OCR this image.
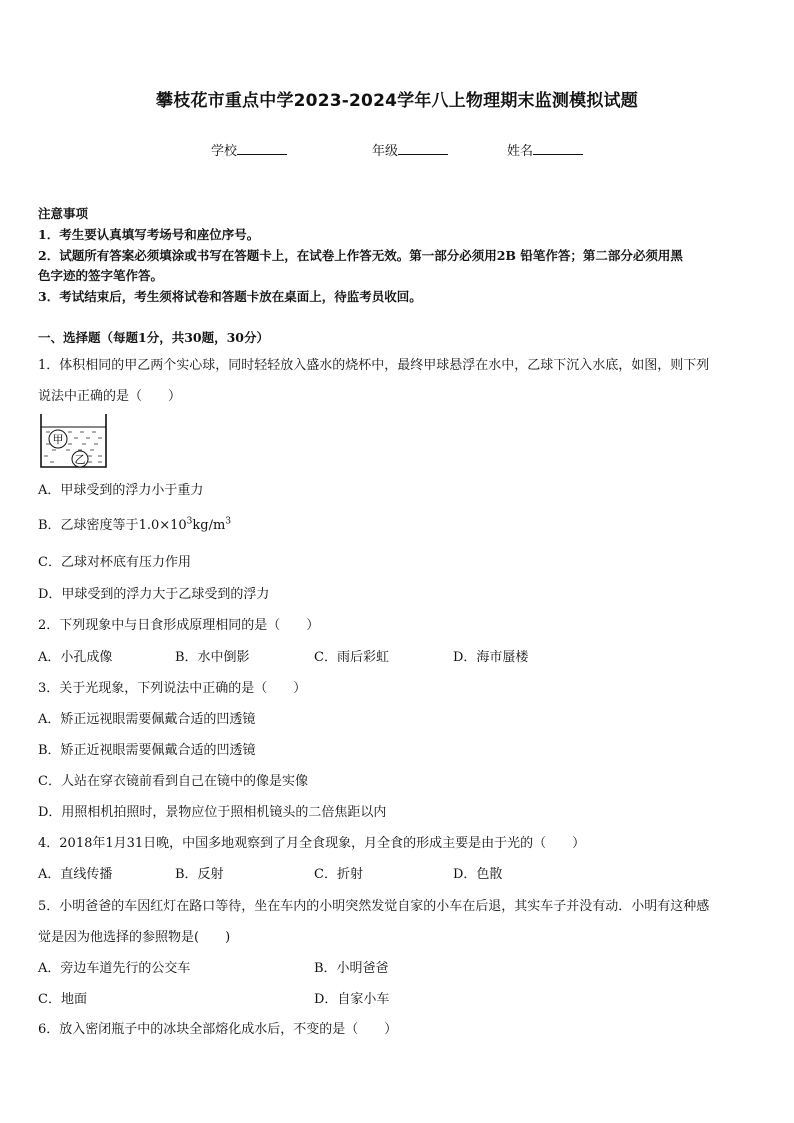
攀枝花市重点中学2023-2024学年八上物理期末监测模拟试题
学校	年级	姓名
注意事项
1．考生要认真填写考场号和座位序号。
2．试题所有答案必须填涂或书写在答题卡上，在试卷上作答无效。第一部分必须用2B 铅笔作答；第二部分必须用黑
色字迹的签字笔作答。
3．考试结束后，考生须将试卷和答题卡放在桌面上，待监考员收回。
一、选择题（每题1分，共30题，30分）
1．体积相同的甲乙两个实心球，同时轻轻放入盛水的烧杯中，最终甲球悬浮在水中，乙球下沉入水底，如图，则下列
说法中正确的是（　　）
甲
乙
A．甲球受到的浮力小于重力
B．乙球密度等于$1.0\times 10^3kg/m^3$
C．乙球对杯底有压力作用
D．甲球受到的浮力大于乙球受到的浮力
2．下列现象中与日食形成原理相同的是（　　）
A．小孔成像	B．水中倒影	C．雨后彩虹	D．海市蜃楼
3．关于光现象，下列说法中正确的是（　　）
A．矫正远视眼需要佩戴合适的凹透镜
B．矫正近视眼需要佩戴合适的凹透镜
C．人站在穿衣镜前看到自己在镜中的像是实像
D．用照相机拍照时，景物应位于照相机镜头的二倍焦距以内
4．2018年1月31日晚，中国多地观察到了月全食现象，月全食的形成主要是由于光的（　　）
A．直线传播	B．反射	C．折射	D．色散
5．小明爸爸的车因红灯在路口等待，坐在车内的小明突然发觉自家的小车在后退，其实车子并没有动．小明有这种感
觉是因为他选择的参照物是(　　)
A．旁边车道先行的公交车	B．小明爸爸
C．地面	D．自家小车
6．放入密闭瓶子中的冰块全部熔化成水后，不变的是（　　）
